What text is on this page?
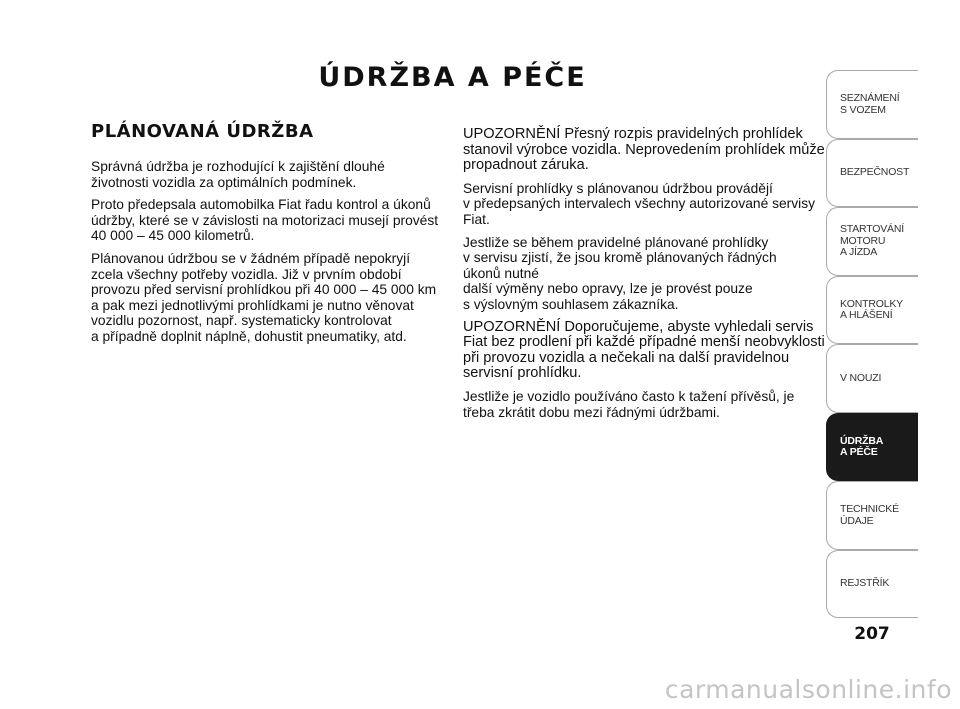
ÚDRŽBA A PÉČE
PLÁNOVANÁ ÚDRŽBA
Správná údržba je rozhodující k zajištění dlouhé
životnosti vozidla za optimálních podmínek.
Proto předepsala automobilka Fiat řadu kontrol a úkonů
údržby, které se v závislosti na motorizaci musejí provést
40 000 – 45 000 kilometrů.
Plánovanou údržbou se v žádném případě nepokryjí
zcela všechny potřeby vozidla. Již v prvním období
provozu před servisní prohlídkou při 40 000 – 45 000 km
a pak mezi jednotlivými prohlídkami je nutno věnovat
vozidlu pozornost, např. systematicky kontrolovat
a případně doplnit náplně, dohustit pneumatiky, atd.
UPOZORNĚNÍ Přesný rozpis pravidelných prohlídek
stanovil výrobce vozidla. Neprovedením prohlídek může
propadnout záruka.
Servisní prohlídky s plánovanou údržbou provádějí
v předepsaných intervalech všechny autorizované servisy
Fiat.
Jestliže se během pravidelné plánované prohlídky
v servisu zjistí, že jsou kromě plánovaných řádných
úkonů nutné
další výměny nebo opravy, lze je provést pouze
s výslovným souhlasem zákazníka.
UPOZORNĚNÍ Doporučujeme, abyste vyhledali servis
Fiat bez prodlení při každé případné menší neobvyklosti
při provozu vozidla a nečekali na další pravidelnou
servisní prohlídku.
Jestliže je vozidlo používáno často k tažení přívěsů, je
třeba zkrátit dobu mezi řádnými údržbami.
SEZNÁMENÍ
S VOZEM
BEZPEČNOST
STARTOVÁNÍ
MOTORU
A JÍZDA
KONTROLKY
A HLÁŠENÍ
V NOUZI
ÚDRŽBA
A PÉČE
TECHNICKÉ
ÚDAJE
REJSTŘÍK
207
carmanualsonline.info
